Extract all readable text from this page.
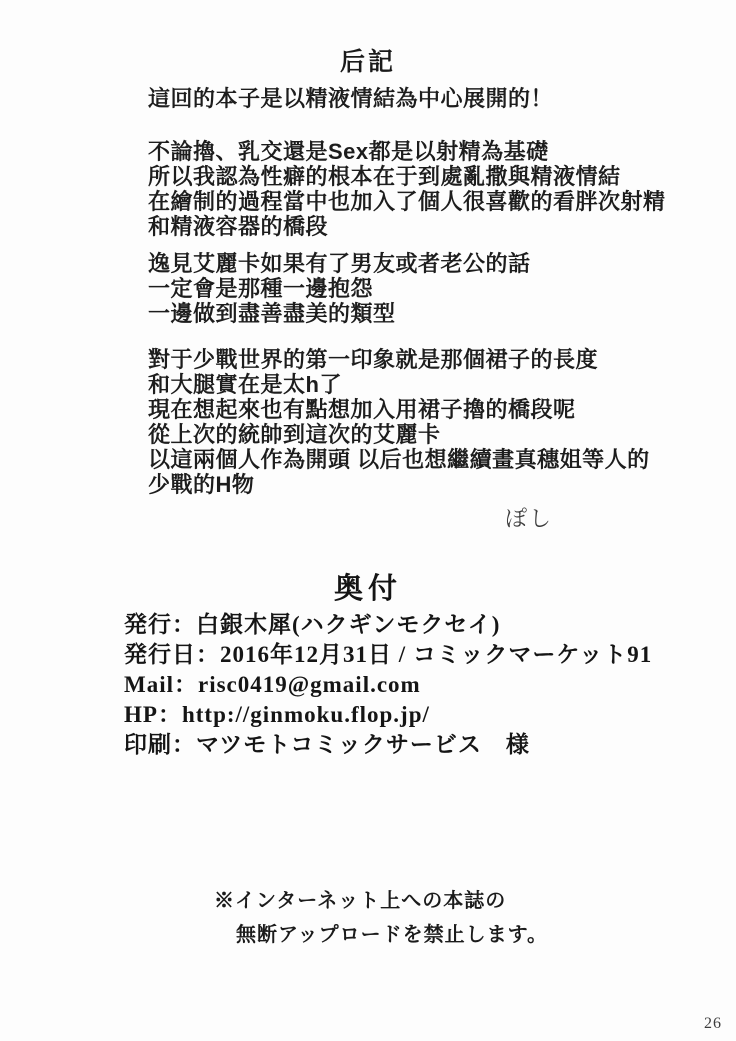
后記

這回的本子是以精液情結為中心展開的！

不論擼、乳交還是Sex都是以射精為基礎
所以我認為性癖的根本在于到處亂撒與精液情結
在繪制的過程當中也加入了個人很喜歡的看胖次射精
和精液容器的橋段

逸見艾麗卡如果有了男友或者老公的話
一定會是那種一邊抱怨
一邊做到盡善盡美的類型

對于少戰世界的第一印象就是那個裙子的長度
和大腿實在是太h了
現在想起來也有點想加入用裙子擼的橋段呢
從上次的統帥到這次的艾麗卡
以這兩個人作為開頭 以后也想繼續畫真穗姐等人的
少戰的H物

ぽし
奥付
発行：白銀木犀(ハクギンモクセイ)
発行日：2016年12月31日 / コミックマーケット91
Mail：risc0419@gmail.com
HP：http://ginmoku.flop.jp/
印刷：マツモトコミックサービス　様
※インターネット上への本誌の
無断アップロードを禁止します。
26
